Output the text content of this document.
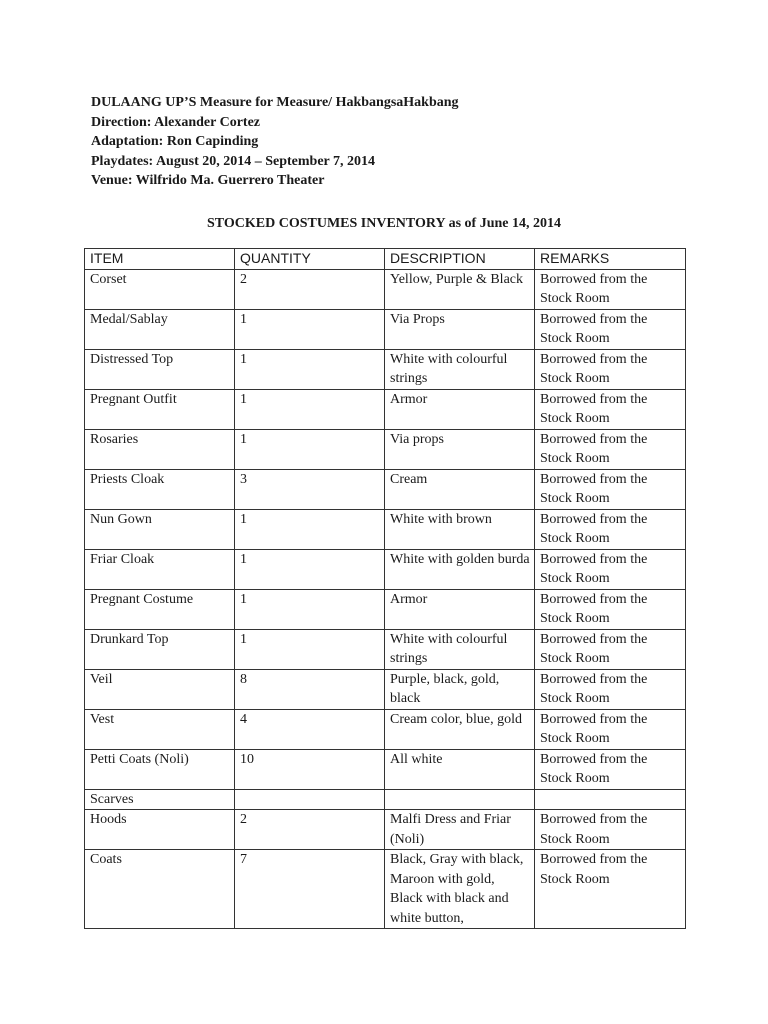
DULAANG UP’S Measure for Measure/ HakbangsaHakbang
Direction: Alexander Cortez
Adaptation: Ron Capinding
Playdates: August 20, 2014 – September 7, 2014
Venue: Wilfrido Ma. Guerrero Theater
STOCKED COSTUMES INVENTORY as of June 14, 2014
ITEM	QUANTITY	DESCRIPTION	REMARKS
Corset	2	Yellow, Purple & Black	Borrowed from the Stock Room
Medal/Sablay	1	Via Props	Borrowed from the Stock Room
Distressed Top	1	White with colourful strings	Borrowed from the Stock Room
Pregnant Outfit	1	Armor	Borrowed from the Stock Room
Rosaries	1	Via props	Borrowed from the Stock Room
Priests Cloak	3	Cream	Borrowed from the Stock Room
Nun Gown	1	White with brown	Borrowed from the Stock Room
Friar Cloak	1	White with golden burda	Borrowed from the Stock Room
Pregnant Costume	1	Armor	Borrowed from the Stock Room
Drunkard Top	1	White with colourful strings	Borrowed from the Stock Room
Veil	8	Purple, black, gold, black	Borrowed from the Stock Room
Vest	4	Cream color, blue, gold	Borrowed from the Stock Room
Petti Coats (Noli)	10	All white	Borrowed from the Stock Room
Scarves			
Hoods	2	Malfi Dress and Friar (Noli)	Borrowed from the Stock Room
Coats	7	Black, Gray with black, Maroon with gold, Black with black and white button,	Borrowed from the Stock Room
